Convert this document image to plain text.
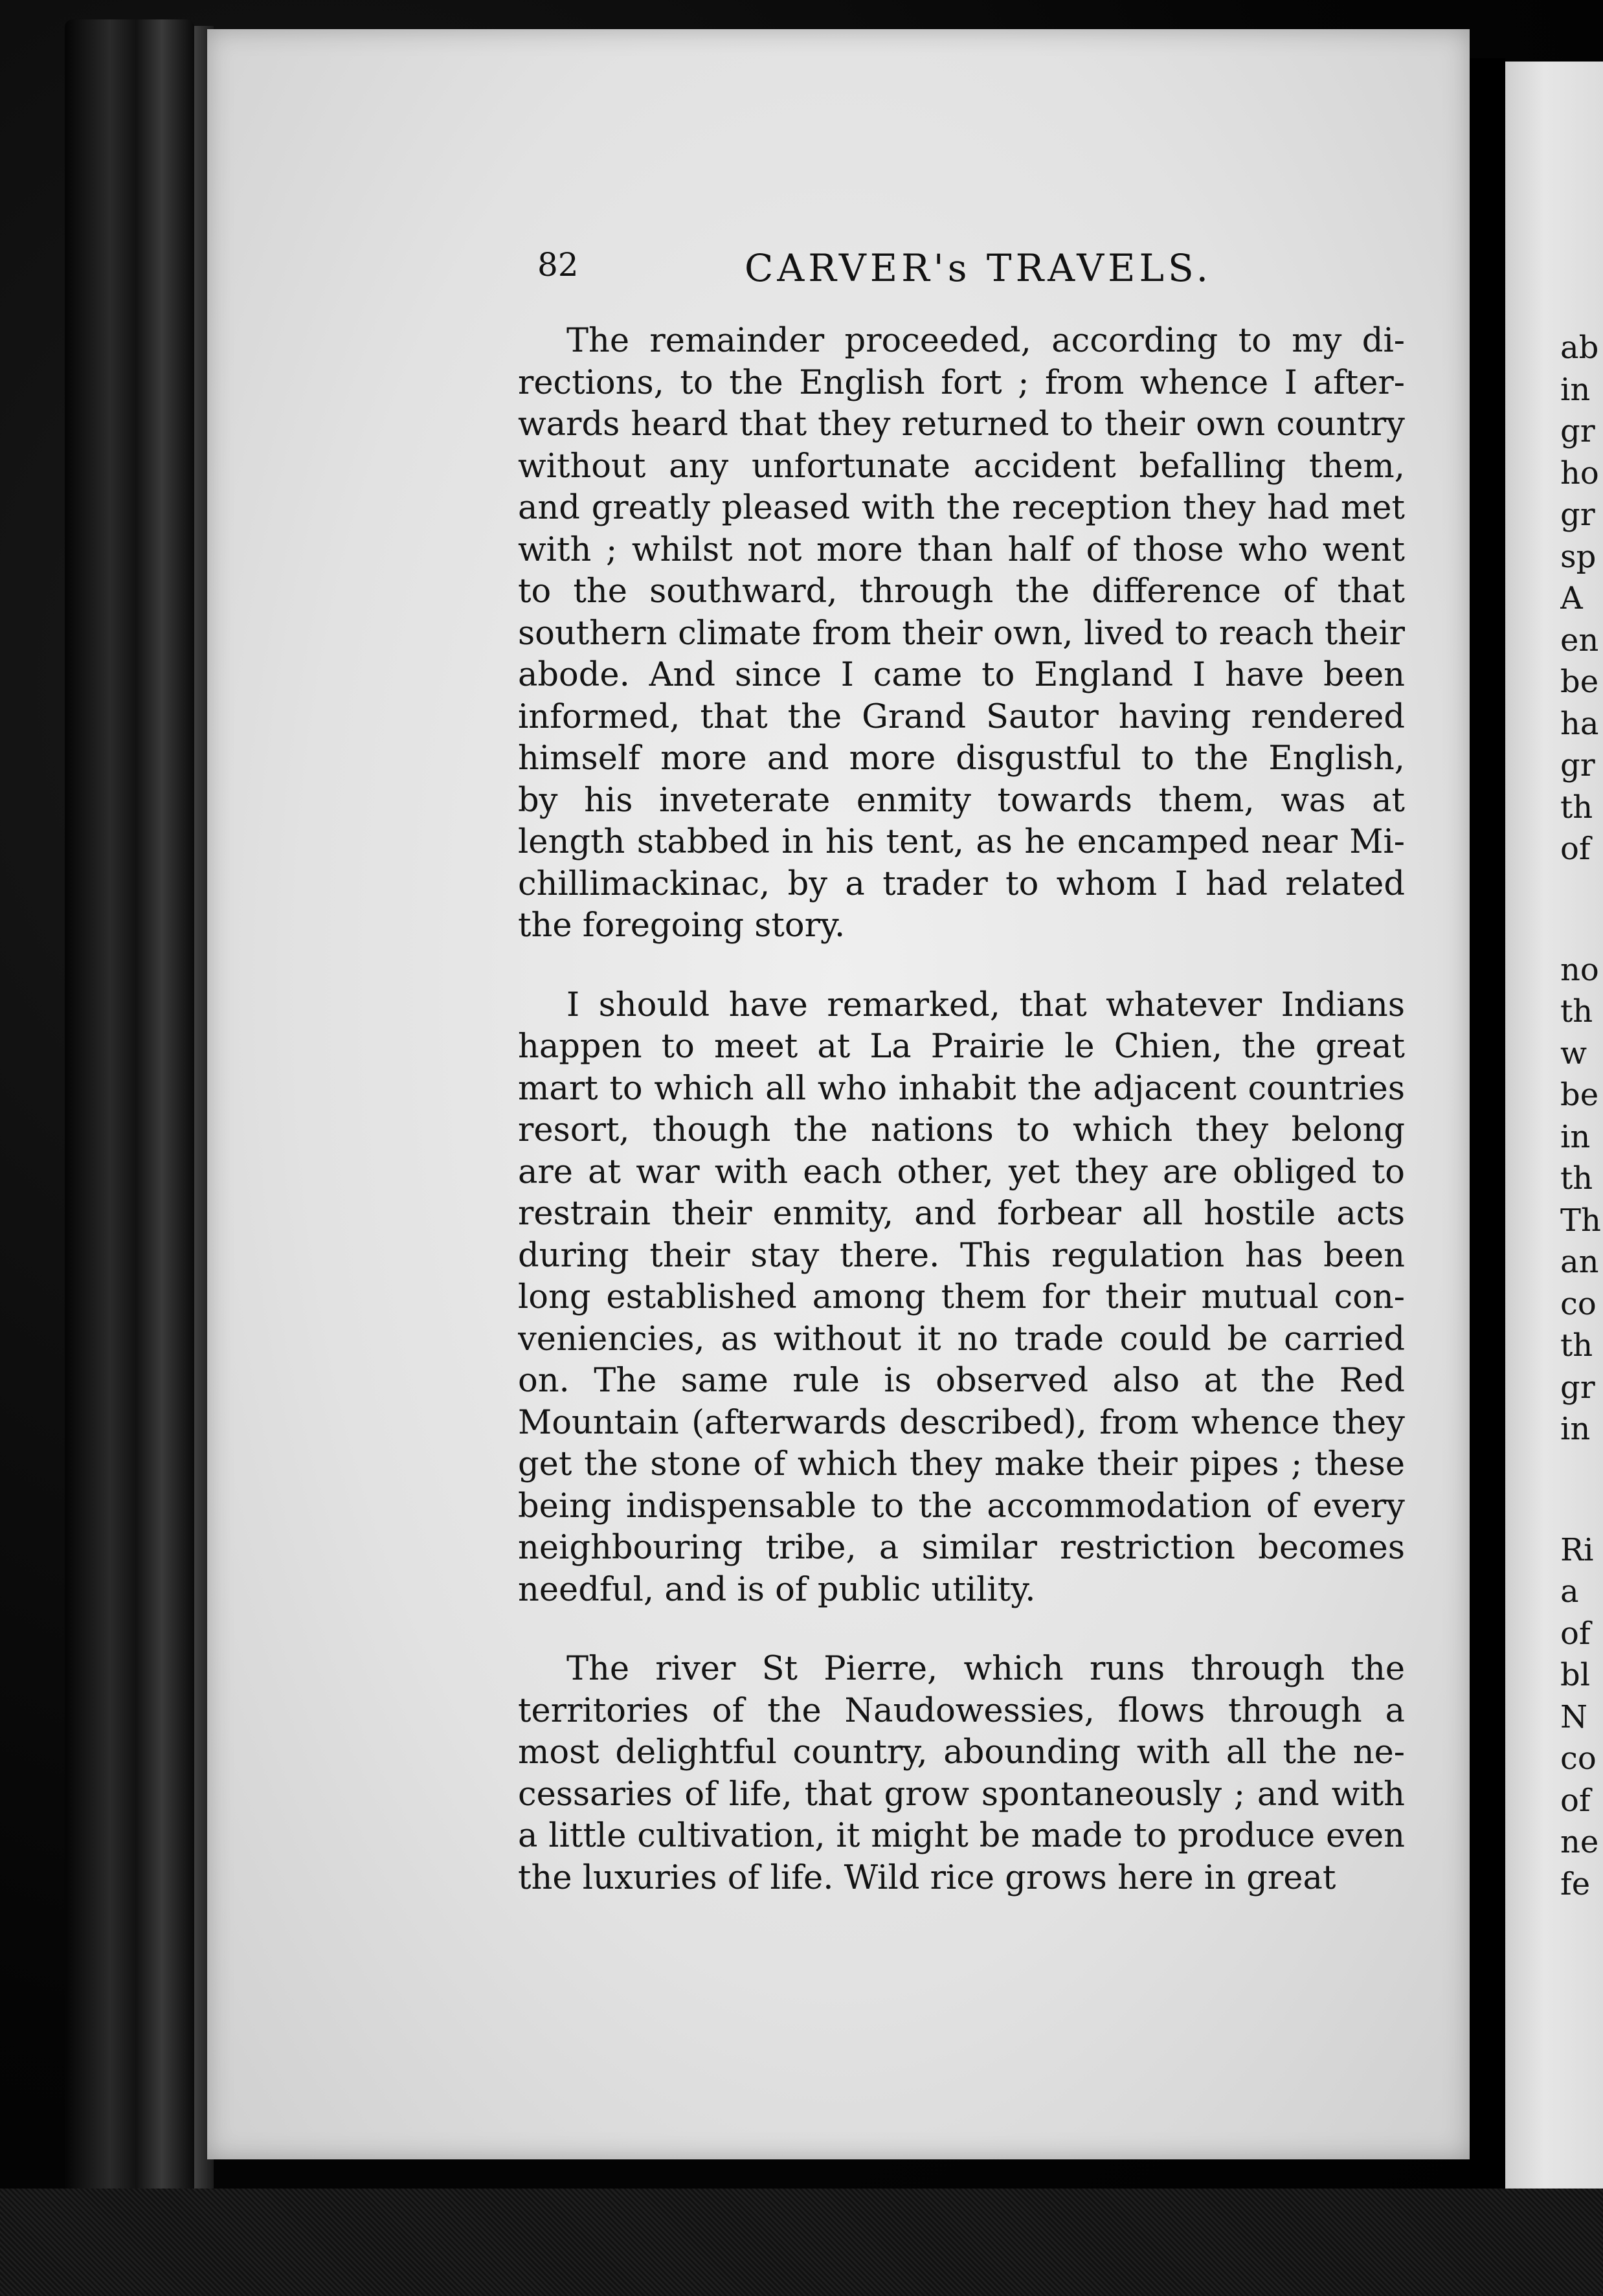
82	CARVER's TRAVELS.
The remainder proceeded, according to my di-
rections, to the English fort ; from whence I after-
wards heard that they returned to their own country
without any unfortunate accident befalling them,
and greatly pleased with the reception they had met
with ; whilst not more than half of those who went
to the southward, through the difference of that
southern climate from their own, lived to reach their
abode. And since I came to England I have been
informed, that the Grand Sautor having rendered
himself more and more disgustful to the English,
by his inveterate enmity towards them, was at
length stabbed in his tent, as he encamped near Mi-
chillimackinac, by a trader to whom I had related
the foregoing story.
I should have remarked, that whatever Indians
happen to meet at La Prairie le Chien, the great
mart to which all who inhabit the adjacent countries
resort, though the nations to which they belong
are at war with each other, yet they are obliged to
restrain their enmity, and forbear all hostile acts
during their stay there. This regulation has been
long established among them for their mutual con-
veniencies, as without it no trade could be carried
on. The same rule is observed also at the Red
Mountain (afterwards described), from whence they
get the stone of which they make their pipes ; these
being indispensable to the accommodation of every
neighbouring tribe, a similar restriction becomes
needful, and is of public utility.
The river St Pierre, which runs through the
territories of the Naudowessies, flows through a
most delightful country, abounding with all the ne-
cessaries of life, that grow spontaneously ; and with
a little cultivation, it might be made to produce even
the luxuries of life. Wild rice grows here in great
ab
in
gr
ho
gr
sp
A
en
be
ha
gr
th
of
no
th
w
be
in
th
Th
an
co
th
gr
in
Ri
a
of
bl
N
co
of
ne
fe
